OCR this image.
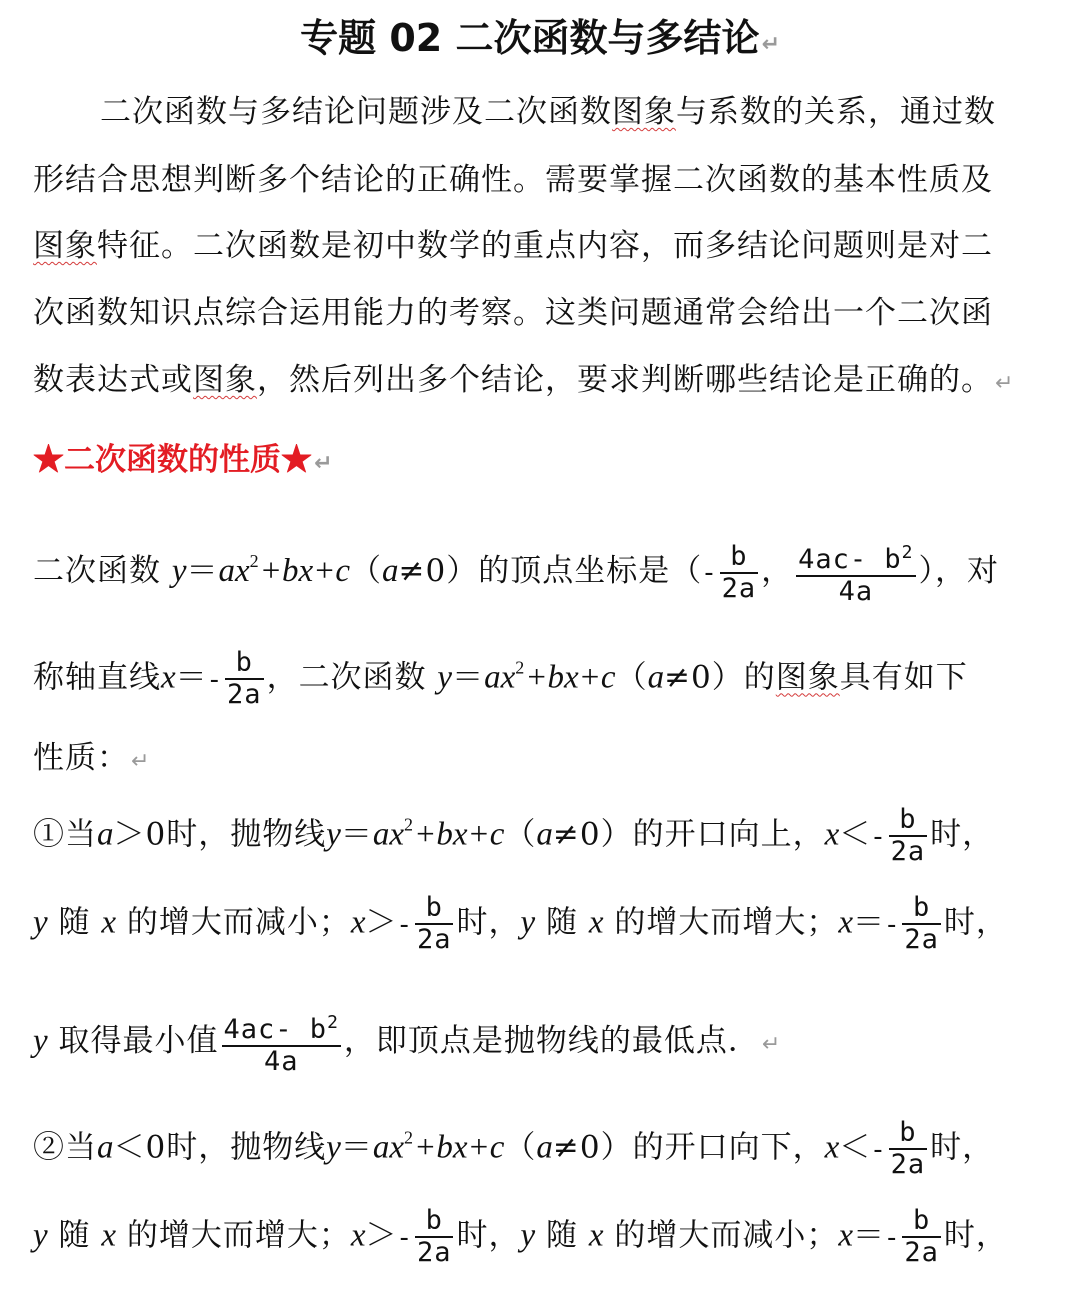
专题 02 二次函数与多结论↵
二次函数与多结论问题涉及二次函数图象与系数的关系，通过数
形结合思想判断多个结论的正确性。需要掌握二次函数的基本性质及
图象特征。二次函数是初中数学的重点内容，而多结论问题则是对二
次函数知识点综合运用能力的考察。这类问题通常会给出一个二次函
数表达式或图象，然后列出多个结论，要求判断哪些结论是正确的。↵
★二次函数的性质★↵
二次函数 $y=ax^2+bx+c(a\ne 0)$的顶点坐标是（- $\frac{b}{2a}$ ， $\frac{4ac- b^2}{4a}$ ），对
称轴直线$x=- \frac{b}{2a}$ ，二次函数 $y=ax^2+bx+c(a\ne 0)$的图象具有如下
性质：↵
①当a＞0时，抛物线$y=ax^2+bx+c(a\ne 0)$的开口向上，$x<- \frac{b}{2a}$ 时，
y 随 x 的增大而减小；$x>- \frac{b}{2a}$ 时，y 随 x 的增大而增大；$x=- \frac{b}{2a}$ 时，
y 取得最小值 $\frac{4ac- b^2}{4a}$ ，即顶点是抛物线的最低点．↵
②当a＜0时，抛物线$y=ax^2+bx+c(a\ne 0)$的开口向下，$x<- \frac{b}{2a}$ 时，
y 随 x 的增大而增大；$x>- \frac{b}{2a}$ 时，y 随 x 的增大而减小；$x=- \frac{b}{2a}$ 时，
